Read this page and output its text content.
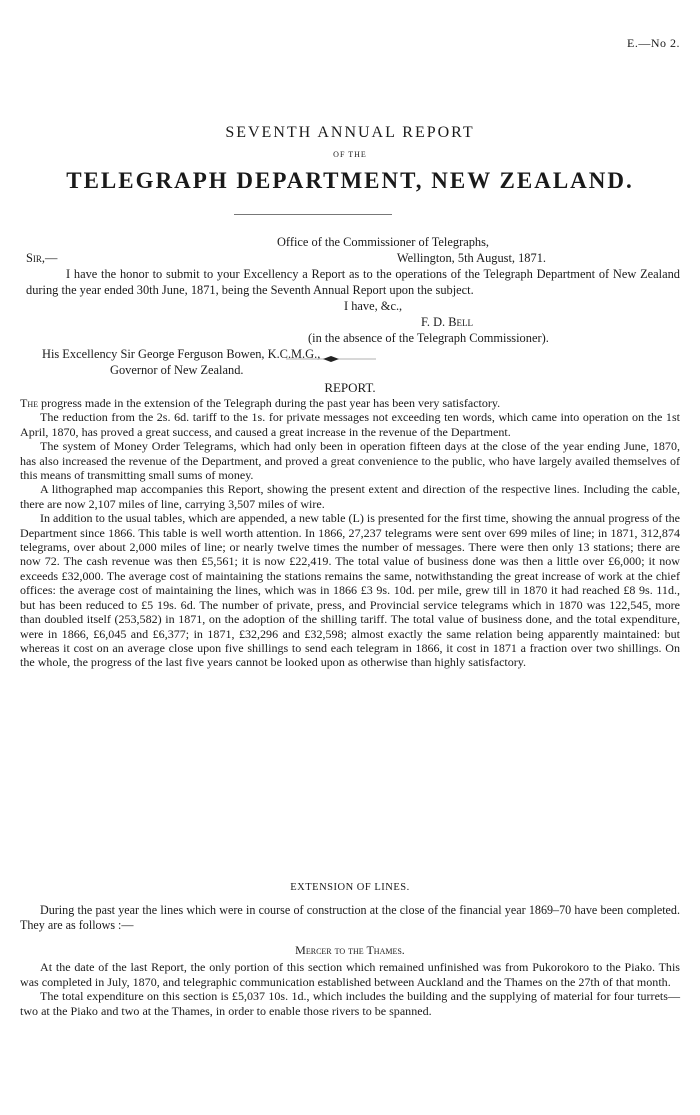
E.—No 2.
SEVENTH ANNUAL REPORT
OF THE
TELEGRAPH DEPARTMENT, NEW ZEALAND.
Office of the Commissioner of Telegraphs,
Sir,—	Wellington, 5th August, 1871.
I have the honor to submit to your Excellency a Report as to the operations of the Telegraph Department of New Zealand during the year ended 30th June, 1871, being the Seventh Annual Report upon the subject.
I have, &c.,
F. D. Bell
(in the absence of the Telegraph Commissioner).
His Excellency Sir George Ferguson Bowen, K.C.M.G.,
Governor of New Zealand.
REPORT.

The progress made in the extension of the Telegraph during the past year has been very satisfactory.

The reduction from the 2s. 6d. tariff to the 1s. for private messages not exceeding ten words, which came into operation on the 1st April, 1870, has proved a great success, and caused a great increase in the revenue of the Department.

The system of Money Order Telegrams, which had only been in operation fifteen days at the close of the year ending June, 1870, has also increased the revenue of the Department, and proved a great convenience to the public, who have largely availed themselves of this means of transmitting small sums of money.

A lithographed map accompanies this Report, showing the present extent and direction of the respective lines. Including the cable, there are now 2,107 miles of line, carrying 3,507 miles of wire.

In addition to the usual tables, which are appended, a new table (L) is presented for the first time, showing the annual progress of the Department since 1866. This table is well worth attention. In 1866, 27,237 telegrams were sent over 699 miles of line; in 1871, 312,874 telegrams, over about 2,000 miles of line; or nearly twelve times the number of messages. There were then only 13 stations; there are now 72. The cash revenue was then £5,561; it is now £22,419. The total value of business done was then a little over £6,000; it now exceeds £32,000. The average cost of maintaining the stations remains the same, notwithstanding the great increase of work at the chief offices: the average cost of maintaining the lines, which was in 1866 £3 9s. 10d. per mile, grew till in 1870 it had reached £8 9s. 11d., but has been reduced to £5 19s. 6d. The number of private, press, and Provincial service telegrams which in 1870 was 122,545, more than doubled itself (253,582) in 1871, on the adoption of the shilling tariff. The total value of business done, and the total expenditure, were in 1866, £6,045 and £6,377; in 1871, £32,296 and £32,598; almost exactly the same relation being apparently maintained: but whereas it cost on an average close upon five shillings to send each telegram in 1866, it cost in 1871 a fraction over two shillings. On the whole, the progress of the last five years cannot be looked upon as otherwise than highly satisfactory.

EXTENSION OF LINES.

During the past year the lines which were in course of construction at the close of the financial year 1869–70 have been completed. They are as follows :—

Mercer to the Thames.

At the date of the last Report, the only portion of this section which remained unfinished was from Pukorokoro to the Piako. This was completed in July, 1870, and telegraphic communication established between Auckland and the Thames on the 27th of that month.

The total expenditure on this section is £5,037 10s. 1d., which includes the building and the supplying of material for four turrets—two at the Piako and two at the Thames, in order to enable those rivers to be spanned.
